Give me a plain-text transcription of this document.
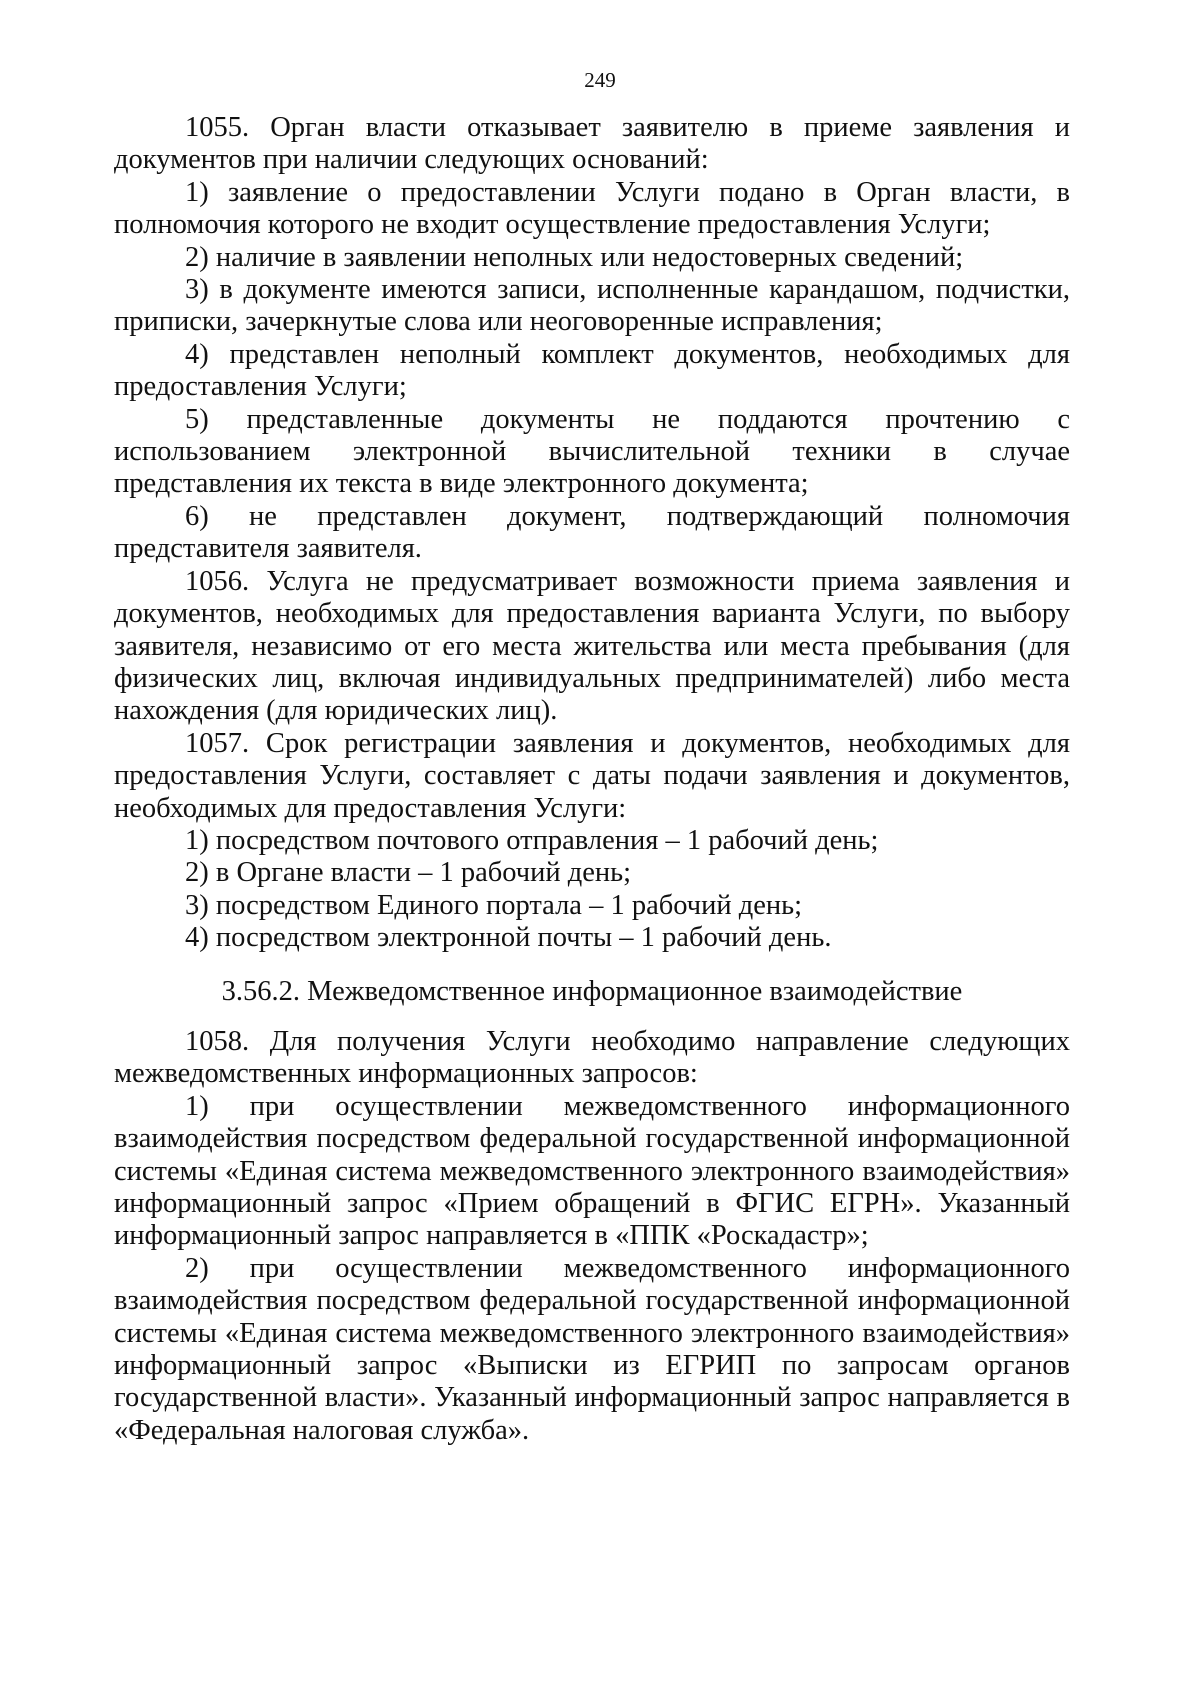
249

1055. Орган власти отказывает заявителю в приеме заявления и документов при наличии следующих оснований:

1) заявление о предоставлении Услуги подано в Орган власти, в полномочия которого не входит осуществление предоставления Услуги;

2) наличие в заявлении неполных или недостоверных сведений;

3) в документе имеются записи, исполненные карандашом, подчистки, приписки, зачеркнутые слова или неоговоренные исправления;

4) представлен неполный комплект документов, необходимых для предоставления Услуги;

5) представленные документы не поддаются прочтению с использованием электронной вычислительной техники в случае представления их текста в виде электронного документа;

6) не представлен документ, подтверждающий полномочия представителя заявителя.

1056. Услуга не предусматривает возможности приема заявления и документов, необходимых для предоставления варианта Услуги, по выбору заявителя, независимо от его места жительства или места пребывания (для физических лиц, включая индивидуальных предпринимателей) либо места нахождения (для юридических лиц).

1057. Срок регистрации заявления и документов, необходимых для предоставления Услуги, составляет с даты подачи заявления и документов, необходимых для предоставления Услуги:

1) посредством почтового отправления – 1 рабочий день;

2) в Органе власти – 1 рабочий день;

3) посредством Единого портала – 1 рабочий день;

4) посредством электронной почты – 1 рабочий день.

3.56.2. Межведомственное информационное взаимодействие

1058. Для получения Услуги необходимо направление следующих межведомственных информационных запросов:

1) при осуществлении межведомственного информационного взаимодействия посредством федеральной государственной информационной системы «Единая система межведомственного электронного взаимодействия» информационный запрос «Прием обращений в ФГИС ЕГРН». Указанный информационный запрос направляется в «ППК «Роскадастр»;

2) при осуществлении межведомственного информационного взаимодействия посредством федеральной государственной информационной системы «Единая система межведомственного электронного взаимодействия» информационный запрос «Выписки из ЕГРИП по запросам органов государственной власти». Указанный информационный запрос направляется в «Федеральная налоговая служба».
